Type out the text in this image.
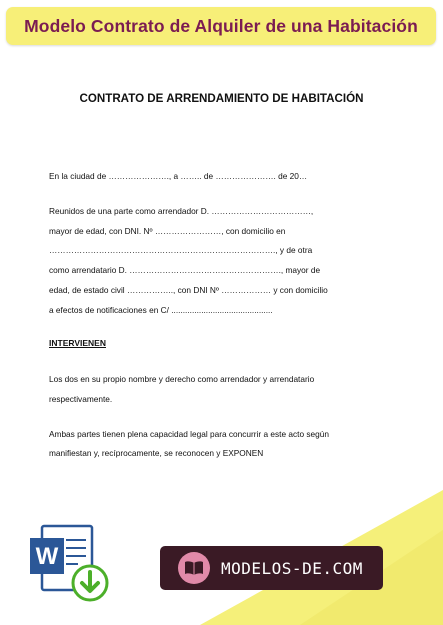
Modelo Contrato de Alquiler de una Habitación
CONTRATO DE ARRENDAMIENTO DE HABITACIÓN
En la ciudad de …………………., a …….. de …………………. de 20…
Reunidos de una parte como arrendador D. ………………………………,
mayor de edad, con DNI. Nº ……………………, con domicilio en
………………………………………………………………………., y de otra
como arrendatario D. ………………………………………………., mayor de
edad, de estado civil …………….., con DNI Nº ……………… y con domicilio
a efectos de notificaciones en C/ ............................................
INTERVIENEN
Los dos en su propio nombre y derecho como arrendador y arrendatario
respectivamente.
Ambas partes tienen plena capacidad legal para concurrir a este acto según
manifiestan y, recíprocamente, se reconocen y EXPONEN
W	MODELOS-DE.COM
